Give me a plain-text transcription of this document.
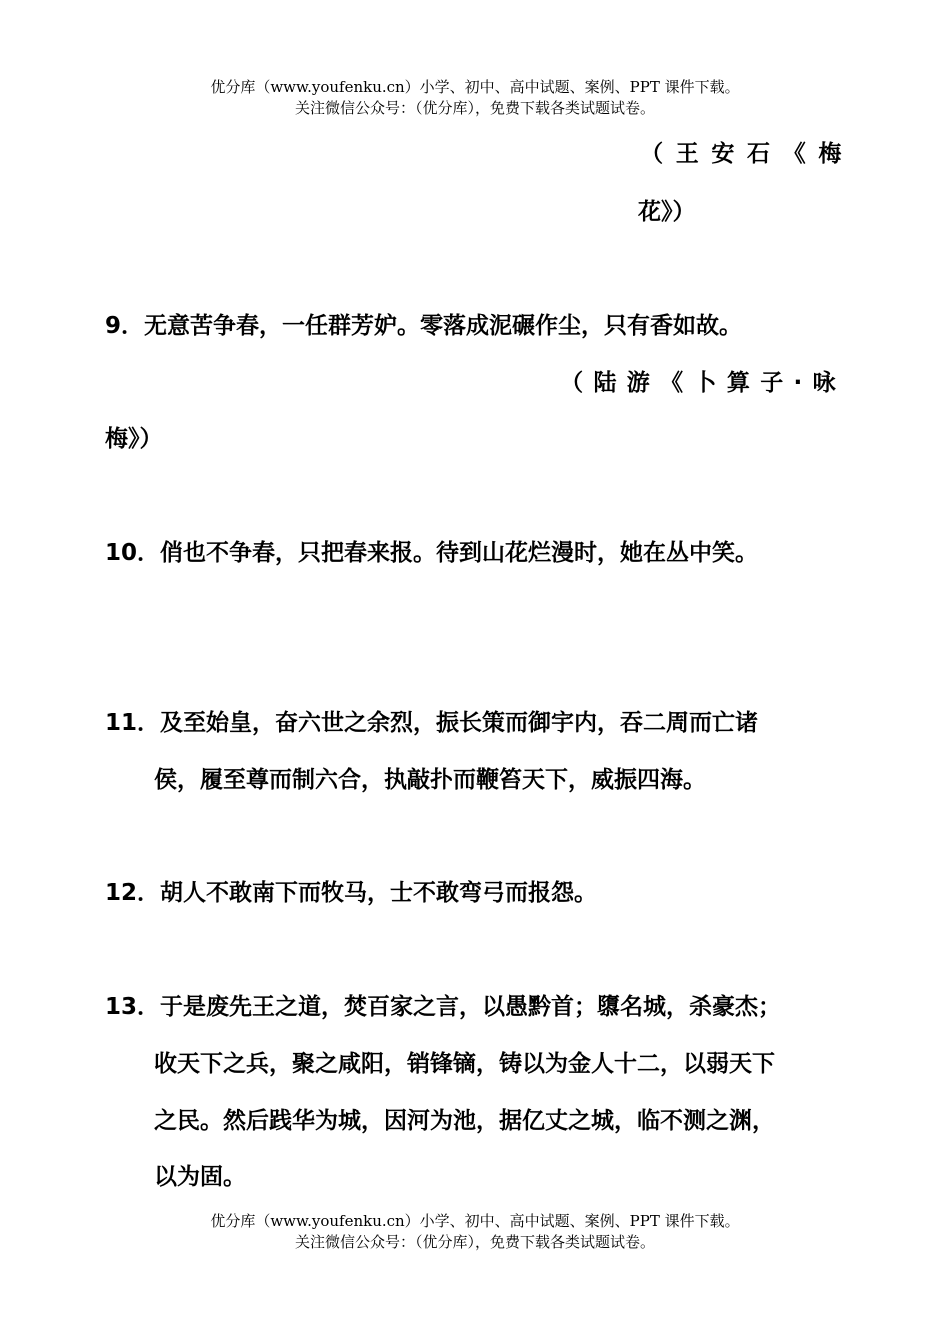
优分库（www.youfenku.cn）小学、初中、高中试题、案例、PPT 课件下载。
关注微信公众号：（优分库），免费下载各类试题试卷。
（王安石《梅
花》）
9．无意苦争春，一任群芳妒。零落成泥碾作尘，只有香如故。
（陆游《卜算子·咏
梅》）
10．俏也不争春，只把春来报。待到山花烂漫时，她在丛中笑。
11．及至始皇，奋六世之余烈，振长策而御宇内，吞二周而亡诸
侯，履至尊而制六合，执敲扑而鞭笞天下，威振四海。
12．胡人不敢南下而牧马，士不敢弯弓而报怨。
13．于是废先王之道，焚百家之言，以愚黔首；隳名城，杀豪杰；
收天下之兵，聚之咸阳，销锋镝，铸以为金人十二，以弱天下
之民。然后践华为城，因河为池，据亿丈之城，临不测之渊，
以为固。
优分库（www.youfenku.cn）小学、初中、高中试题、案例、PPT 课件下载。
关注微信公众号：（优分库），免费下载各类试题试卷。
